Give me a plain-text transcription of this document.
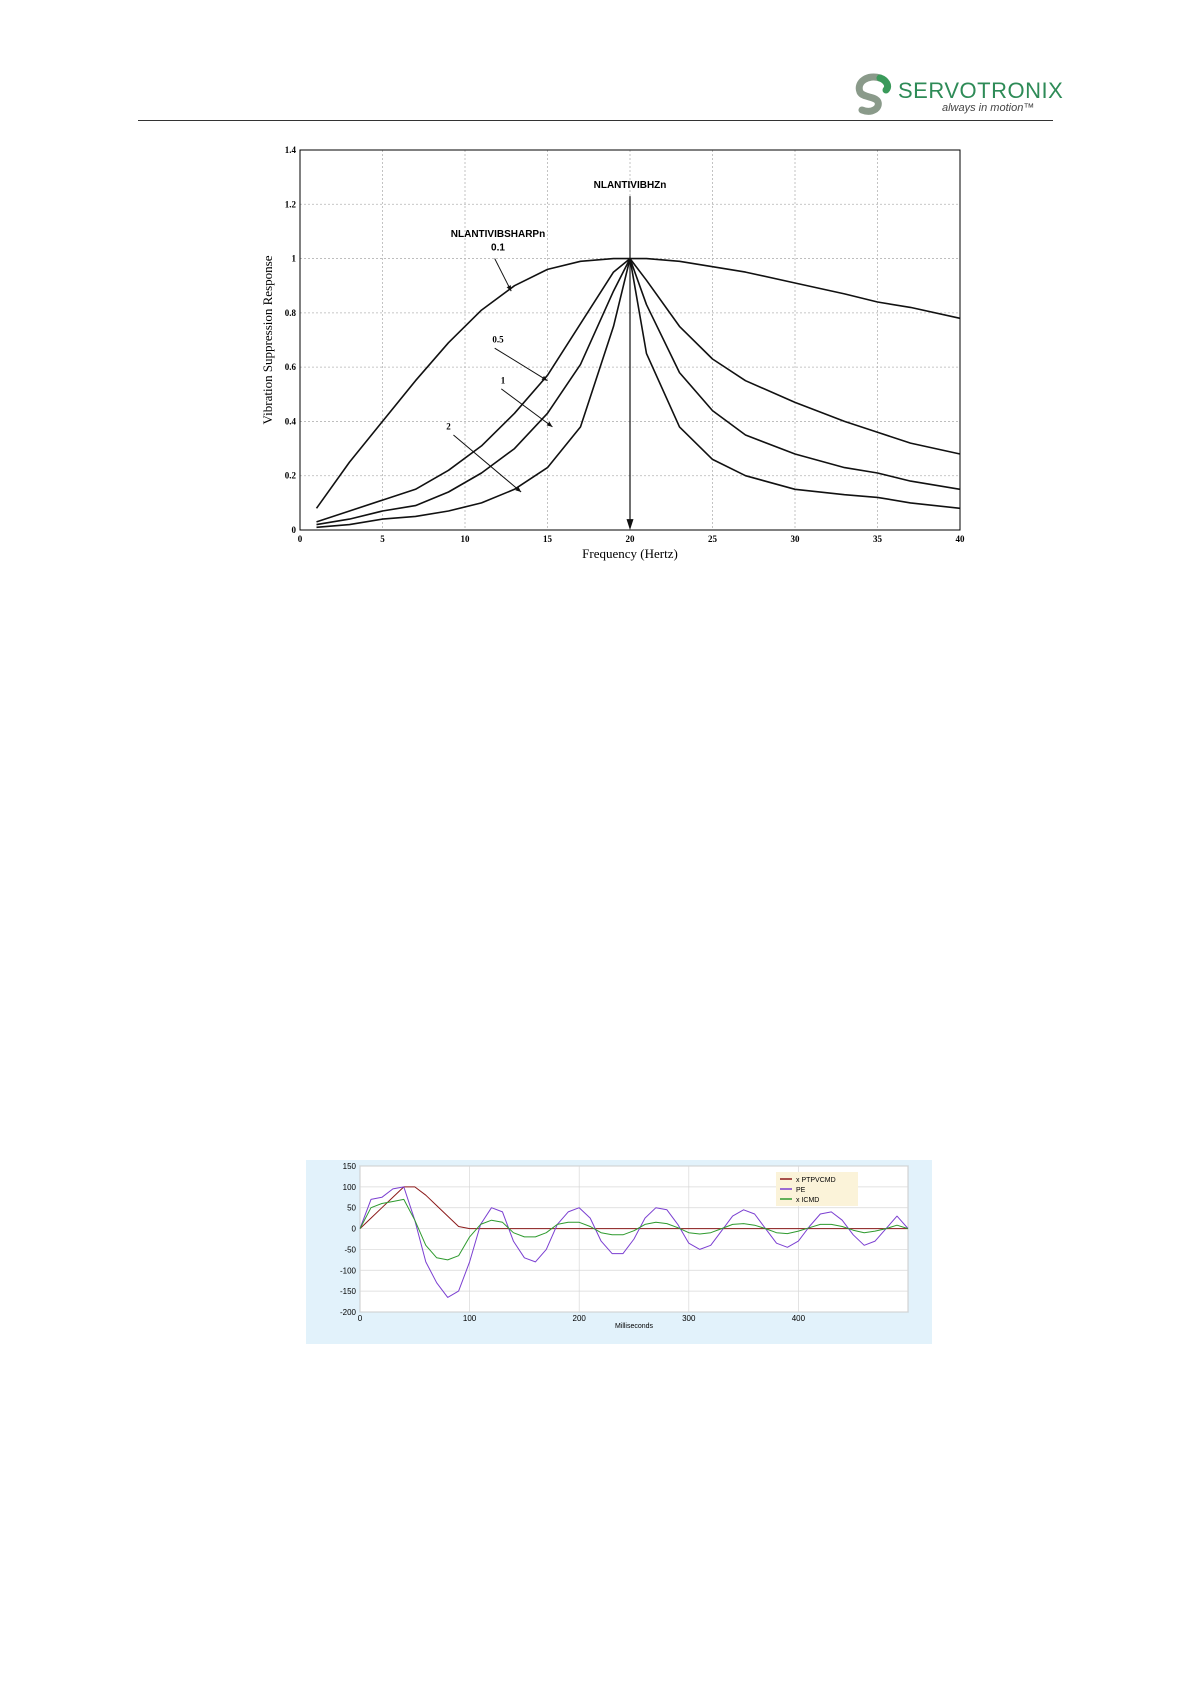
SERVOTRONIX
always in motion™
0	5	10	15	20	25	30	35	40
0
0.2
0.4
0.6
0.8
1
1.2
1.4
Frequency (Hertz)
Vibration Suppression Response
NLANTIVIBHZn
NLANTIVIBSHARPn
0.1
0.5
1
2
0	100	200	300	400
150
100
50
0
-50
-100
-150
-200
Milliseconds
x PTPVCMD
PE
x ICMD
